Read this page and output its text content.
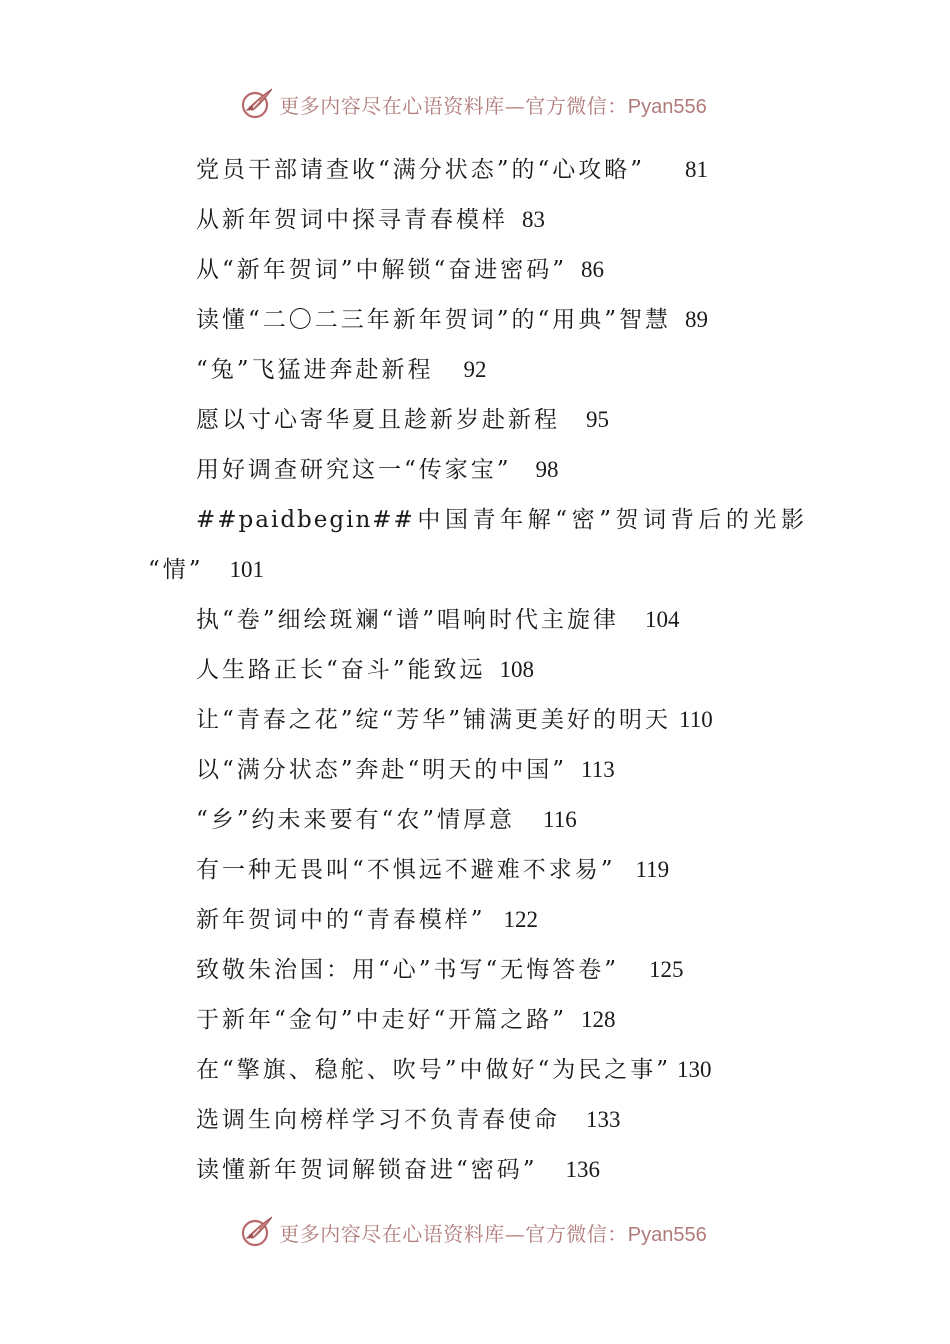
更多内容尽在心语资料库—官方微信：Pyan556
党员干部请查收“满分状态”的“心攻略” 81
从新年贺词中探寻青春模样 83
从“新年贺词”中解锁“奋进密码” 86
读懂“二〇二三年新年贺词”的“用典”智慧 89
“兔”飞猛进奔赴新程 92
愿以寸心寄华夏且趁新岁赴新程 95
用好调查研究这一“传家宝” 98
##paidbegin##中国青年解“密”贺词背后的光影
“情” 101
执“卷”细绘斑斓“谱”唱响时代主旋律 104
人生路正长“奋斗”能致远 108
让“青春之花”绽“芳华”铺满更美好的明天 110
以“满分状态”奔赴“明天的中国” 113
“乡”约未来要有“农”情厚意 116
有一种无畏叫“不惧远不避难不求易” 119
新年贺词中的“青春模样” 122
致敬朱治国：用“心”书写“无悔答卷” 125
于新年“金句”中走好“开篇之路” 128
在“擎旗、稳舵、吹号”中做好“为民之事” 130
选调生向榜样学习不负青春使命 133
读懂新年贺词解锁奋进“密码” 136
更多内容尽在心语资料库—官方微信：Pyan556
